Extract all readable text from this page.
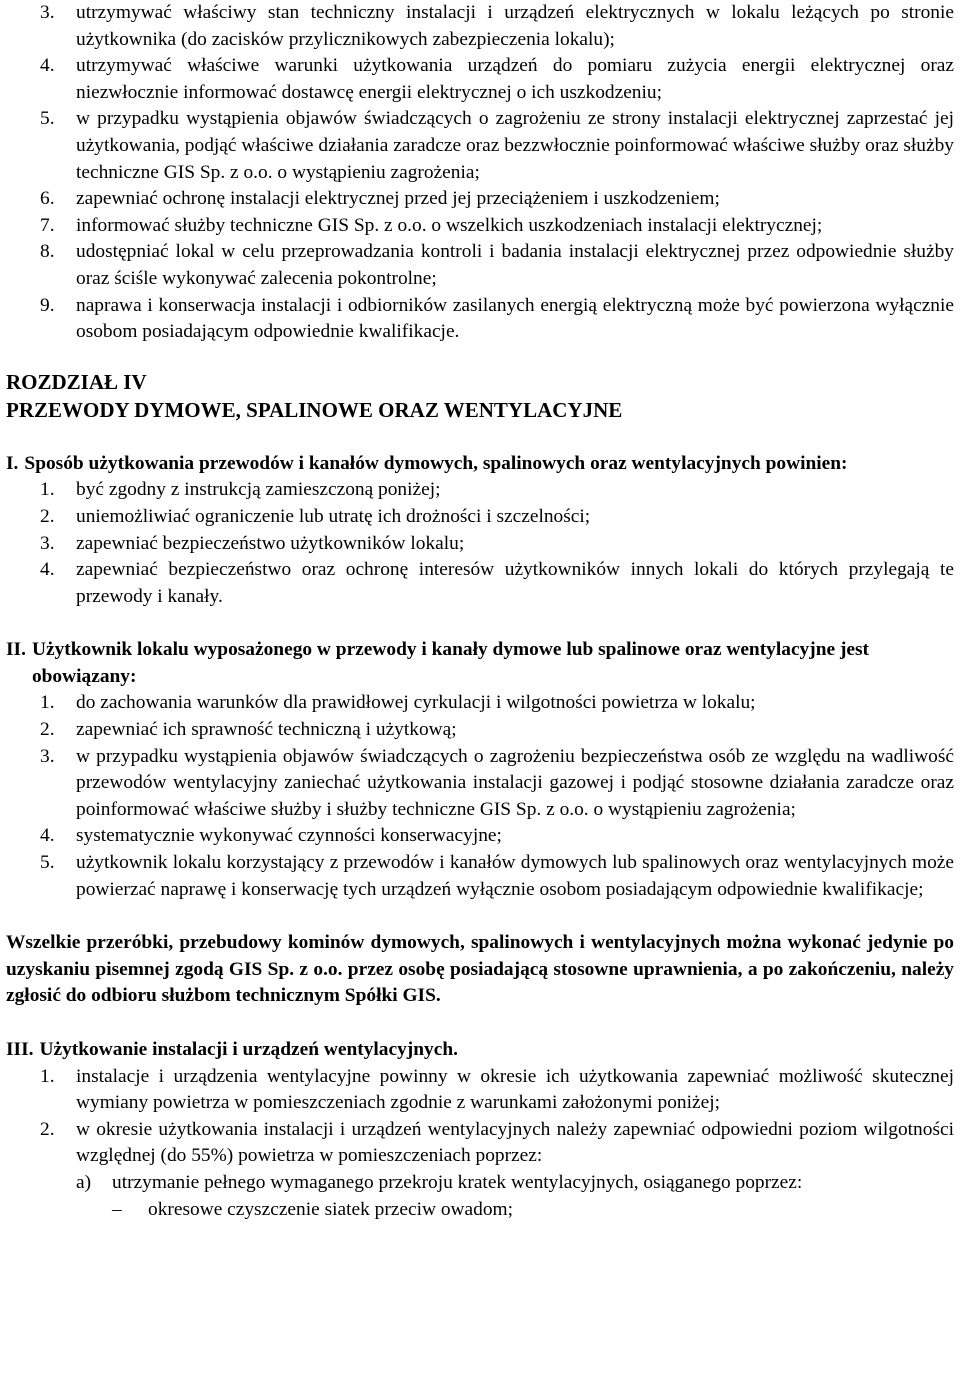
3.	utrzymywać właściwy stan techniczny instalacji i urządzeń elektrycznych w lokalu leżących po stronie użytkownika (do zacisków przylicznikowych zabezpieczenia lokalu);
4.	utrzymywać właściwe warunki użytkowania urządzeń do pomiaru zużycia energii elektrycznej oraz niezwłocznie informować dostawcę energii elektrycznej o ich uszkodzeniu;
5.	w przypadku wystąpienia objawów świadczących o zagrożeniu ze strony instalacji elektrycznej zaprzestać jej użytkowania, podjąć właściwe działania zaradcze oraz bezzwłocznie poinformować właściwe służby oraz służby techniczne GIS Sp. z o.o. o wystąpieniu zagrożenia;
6.	zapewniać ochronę instalacji elektrycznej przed jej przeciążeniem i uszkodzeniem;
7.	informować służby techniczne GIS Sp. z o.o. o wszelkich uszkodzeniach instalacji elektrycznej;
8.	udostępniać lokal w celu przeprowadzania kontroli i badania instalacji elektrycznej przez odpowiednie służby oraz ściśle wykonywać zalecenia pokontrolne;
9.	naprawa i konserwacja instalacji i odbiorników zasilanych energią elektryczną może być powierzona wyłącznie osobom posiadającym odpowiednie kwalifikacje.
ROZDZIAŁ IV
PRZEWODY DYMOWE, SPALINOWE ORAZ WENTYLACYJNE
I. Sposób użytkowania przewodów i kanałów dymowych, spalinowych oraz wentylacyjnych powinien:
1.	być zgodny z instrukcją zamieszczoną poniżej;
2.	uniemożliwiać ograniczenie lub utratę ich drożności i szczelności;
3.	zapewniać bezpieczeństwo użytkowników lokalu;
4.	zapewniać bezpieczeństwo oraz ochronę interesów użytkowników innych lokali do których przylegają te przewody i kanały.
II. Użytkownik lokalu wyposażonego w przewody i kanały dymowe lub spalinowe oraz wentylacyjne jest obowiązany:
1.	do zachowania warunków dla prawidłowej cyrkulacji i wilgotności powietrza w lokalu;
2.	zapewniać ich sprawność techniczną i użytkową;
3.	w przypadku wystąpienia objawów świadczących o zagrożeniu bezpieczeństwa osób ze względu na wadliwość przewodów wentylacyjny zaniechać użytkowania instalacji gazowej i podjąć stosowne działania zaradcze oraz poinformować właściwe służby i służby techniczne GIS Sp. z o.o. o wystąpieniu zagrożenia;
4.	systematycznie wykonywać czynności konserwacyjne;
5.	użytkownik lokalu korzystający z przewodów i kanałów dymowych lub spalinowych oraz wentylacyjnych może powierzać naprawę i konserwację tych urządzeń wyłącznie osobom posiadającym odpowiednie kwalifikacje;

Wszelkie przeróbki, przebudowy kominów dymowych, spalinowych i wentylacyjnych można wykonać jedynie po uzyskaniu pisemnej zgodą GIS Sp. z o.o. przez osobę posiadającą stosowne uprawnienia, a po zakończeniu, należy zgłosić do odbioru służbom technicznym Spółki GIS.

III. Użytkowanie instalacji i urządzeń wentylacyjnych.
1.	instalacje i urządzenia wentylacyjne powinny w okresie ich użytkowania zapewniać możliwość skutecznej wymiany powietrza w pomieszczeniach zgodnie z warunkami założonymi poniżej;
2.	w okresie użytkowania instalacji i urządzeń wentylacyjnych należy zapewniać odpowiedni poziom wilgotności względnej (do 55%) powietrza w pomieszczeniach poprzez:
a)	utrzymanie pełnego wymaganego przekroju kratek wentylacyjnych, osiąganego poprzez:
–	okresowe czyszczenie siatek przeciw owadom;
